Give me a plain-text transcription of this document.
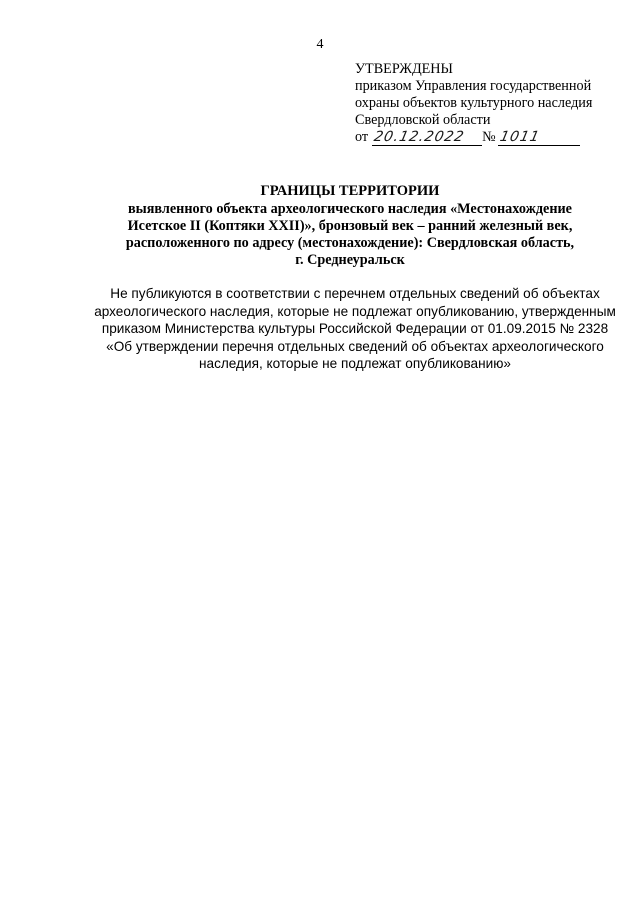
4
УТВЕРЖДЕНЫ
приказом Управления государственной
охраны объектов культурного наследия
Свердловской области
от 20.12.2022 № 1011
ГРАНИЦЫ ТЕРРИТОРИИ
выявленного объекта археологического наследия «Местонахождение
Исетское II (Коптяки XXII)», бронзовый век – ранний железный век,
расположенного по адресу (местонахождение): Свердловская область,
г. Среднеуральск
Не публикуются в соответствии с перечнем отдельных сведений об объектах
археологического наследия, которые не подлежат опубликованию, утвержденным
приказом Министерства культуры Российской Федерации от 01.09.2015 № 2328
«Об утверждении перечня отдельных сведений об объектах археологического
наследия, которые не подлежат опубликованию»
